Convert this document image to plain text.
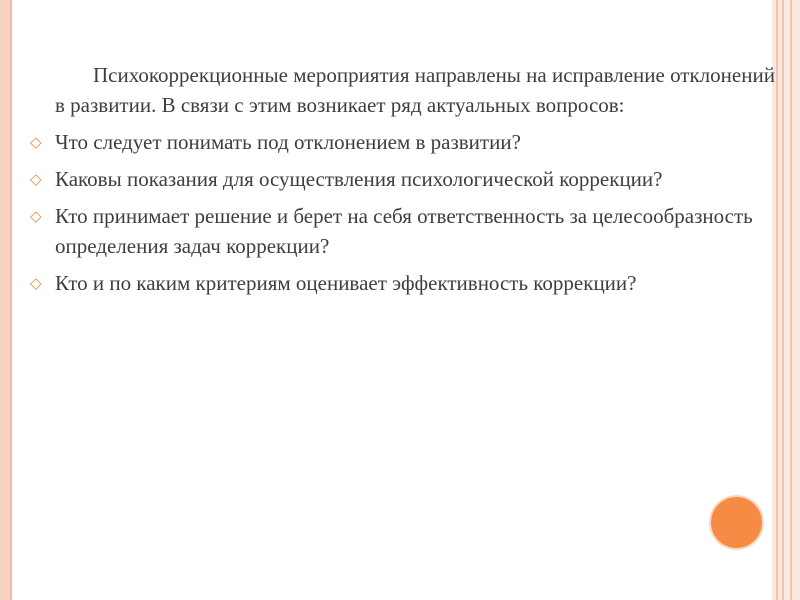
Психокоррекционные мероприятия направлены на исправление отклонений в развитии. В связи с этим возникает ряд актуальных вопросов:

◇ Что следует понимать под отклонением в развитии?
◇ Каковы показания для осуществления психологической коррекции?
◇ Кто принимает решение и берет на себя ответственность за целесообразность определения задач коррекции?
◇ Кто и по каким критериям оценивает эффективность коррекции?
